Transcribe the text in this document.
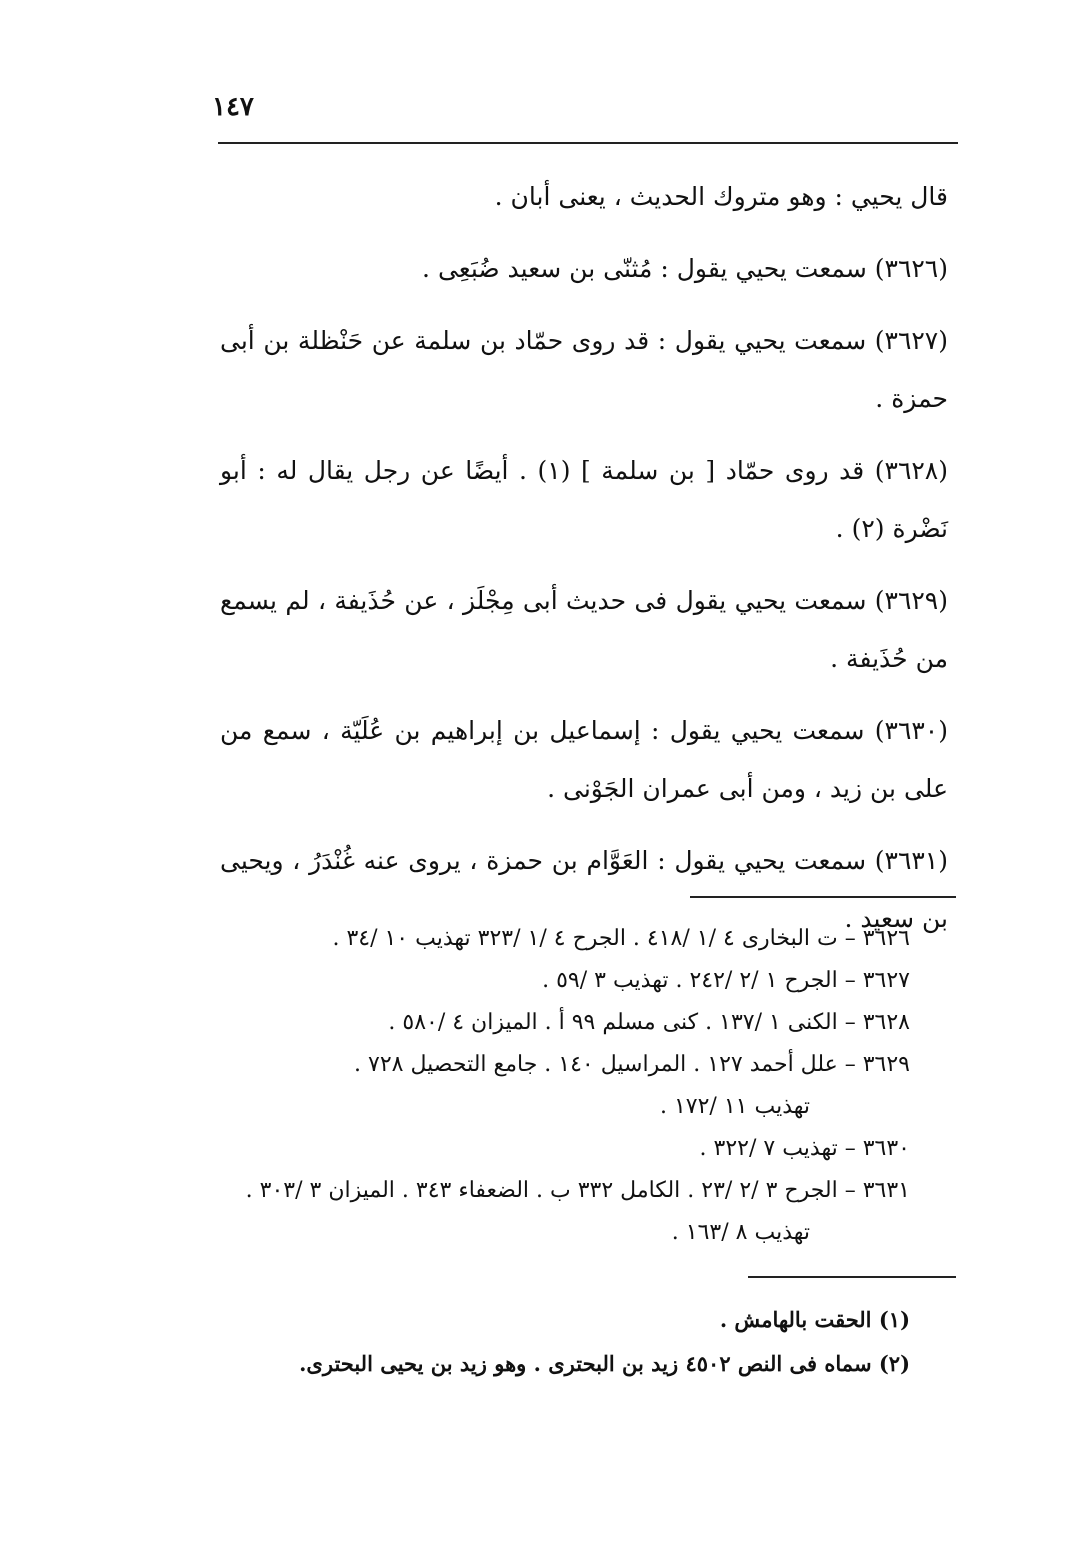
١٤٧

قال يحيي : وهو متروك الحديث ، يعنى أبان .

(٣٦٢٦) سمعت يحيي يقول : مُثنّى بن سعيد ضُبَعِى .

(٣٦٢٧) سمعت يحيي يقول : قد روى حمّاد بن سلمة عن حَنْظلة بن أبى حمزة .

(٣٦٢٨) قد روى حمّاد [ بن سلمة ] (١) . أيضًا عن رجل يقال له : أبو نَضْرة (٢) .

(٣٦٢٩) سمعت يحيي يقول فى حديث أبى مِجْلَز ، عن حُذَيفة ، لم يسمع من حُذَيفة .

(٣٦٣٠) سمعت يحيي يقول : إسماعيل بن إبراهيم بن عُلَيّة ، سمع من على بن زيد ، ومن أبى عمران الجَوْنى .

(٣٦٣١) سمعت يحيي يقول : العَوَّام بن حمزة ، يروى عنه غُنْدَرُ ، ويحيى بن سعيد .

٣٦٢٦ – ت البخارى ٤ /١ /٤١٨ . الجرح ٤ /١ /٣٢٣ تهذيب ١٠ /٣٤ .
٣٦٢٧ – الجرح ١ /٢ /٢٤٢ . تهذيب ٣ /٥٩ .
٣٦٢٨ – الكنى ١ /١٣٧ . كنى مسلم ٩٩ أ . الميزان ٤ /٥٨٠ .
٣٦٢٩ – علل أحمد ١٢٧ . المراسيل ١٤٠ . جامع التحصيل ٧٢٨ .
تهذيب ١١ /١٧٢ .
٣٦٣٠ – تهذيب ٧ /٣٢٢ .
٣٦٣١ – الجرح ٣ /٢ /٢٣ . الكامل ٣٣٢ ب . الضعفاء ٣٤٣ . الميزان ٣ /٣٠٣ .
تهذيب ٨ /١٦٣ .
(١) الحقت بالهامش .
(٢) سماه فى النص ٤٥٠٢ زيد بن البحترى . وهو زيد بن يحيى البحترى.
